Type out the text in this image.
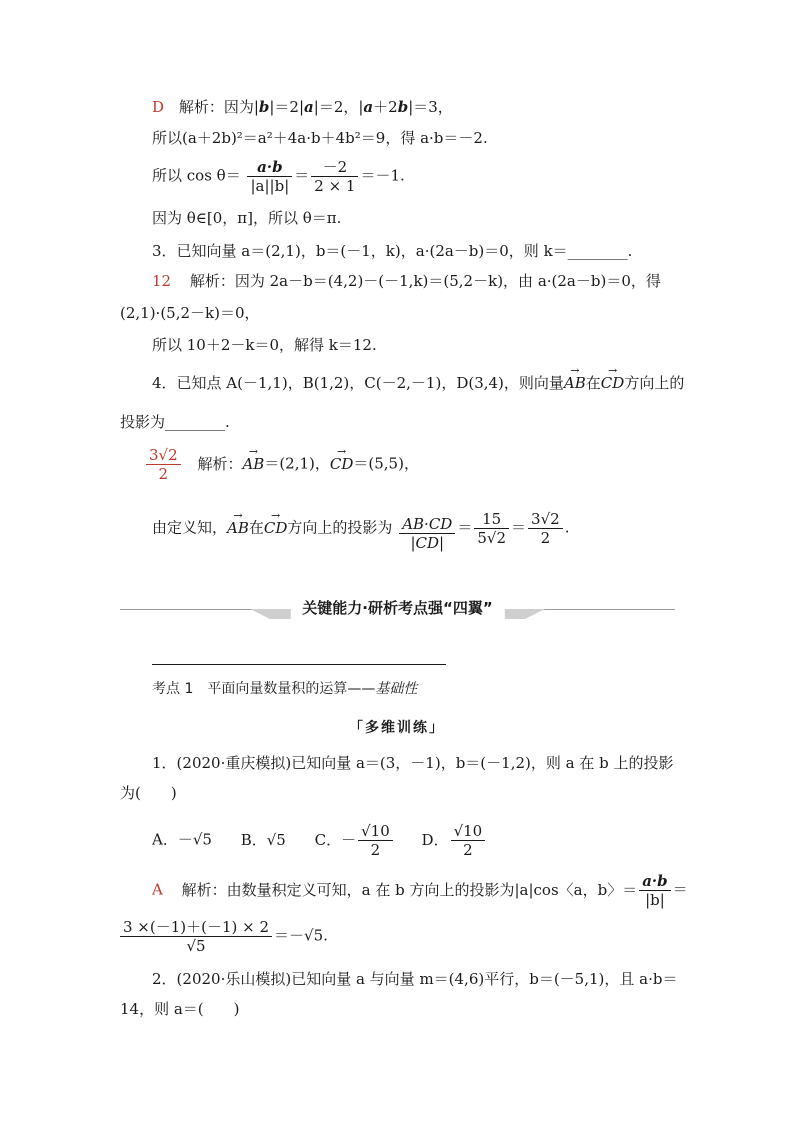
D 解析：因为|b|＝2|a|＝2，|a＋2b|＝3，
所以(a＋2b)²＝a²＋4a·b＋4b²＝9，得 a·b＝－2.
所以 $\cos \theta= \frac{a\cdot b}{|a||b|} = \frac{-2}{2 \times 1} =-1$.
因为 θ∈[0，π]，所以 θ＝π.
3．已知向量 a＝(2,1)，b＝(－1，k)，a·(2a－b)＝0，则 k＝________.
12 解析：因为 2a－b＝(4,2)－(－1,k)＝(5,2－k)，由 a·(2a－b)＝0，得
(2,1)·(5,2－k)＝0，
所以 10＋2－k＝0，解得 k＝12.
4．已知点 A(－1,1)，B(1,2)，C(－2,－1)，D(3,4)，则向量→ AB在→ CD方向上的
投影为________.
$\frac{3√2}{2}$ 解析：→ AB＝(2,1)，→ CD＝(5,5)，
由定义知，→ AB在→ CD方向上的投影为 $\frac{AB\cdot CD}{|CD|} = \frac{15}{5√2} = \frac{3√2}{2}$ .
关键能力·研析考点强“四翼”
考点 1　平面向量数量积的运算——基础性
「多维训练」
1．(2020·重庆模拟)已知向量 a＝(3，－1)，b＝(－1,2)，则 a 在 b 上的投影
为(　　)
A．－√5 B．√5 C．－ $\frac{√10}{2}$ D． $\frac{√10}{2}$
A 解析：由数量积定义可知，a 在 b 方向上的投影为|a|cos〈a，b〉＝ $\frac{a\cdot b}{|b|}$ ＝
$\frac{3 \times(-1)+(-1) \times 2}{√5} =-√5$.
2．(2020·乐山模拟)已知向量 a 与向量 m＝(4,6)平行，b＝(－5,1)，且 a·b＝
14，则 a＝(　　)
